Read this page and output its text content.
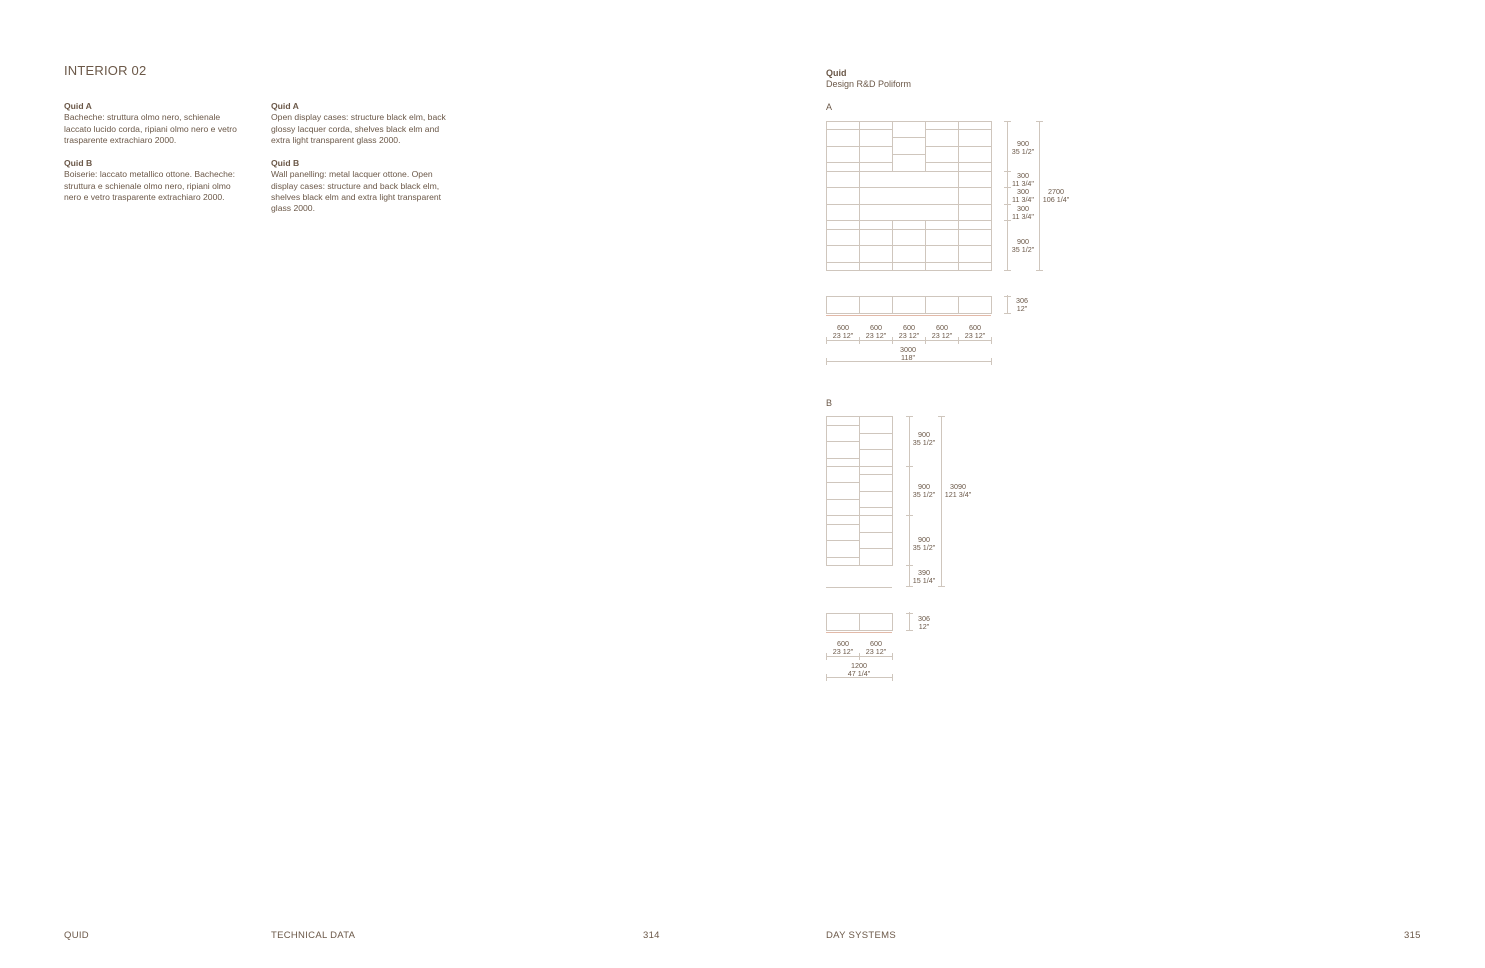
INTERIOR 02
Quid A
Bacheche: struttura olmo nero, schienale laccato lucido corda, ripiani olmo nero e vetro trasparente extrachiaro 2000.
Quid B
Boiserie: laccato metallico ottone. Bacheche: struttura e schienale olmo nero, ripiani olmo nero e vetro trasparente extrachiaro 2000.
Quid A
Open display cases: structure black elm, back glossy lacquer corda, shelves black elm and extra light transparent glass 2000.
Quid B
Wall panelling: metal lacquer ottone. Open display cases: structure and back black elm, shelves black elm and extra light transparent glass 2000.
QUID	TECHNICAL DATA	314
Quid
Design R&D Poliform
A
B
900
35 1/2"
300
11 3/4"
300
11 3/4"
300
11 3/4"
900
35 1/2"
2700
106 1/4"
306
12"
600
23 12"
600
23 12"
600
23 12"
600
23 12"
600
23 12"
3000
118"
900
35 1/2"
900
35 1/2"
900
35 1/2"
390
15 1/4"
3090
121 3/4"
306
12"
600
23 12"
600
23 12"
1200
47 1/4"
DAY SYSTEMS	315
